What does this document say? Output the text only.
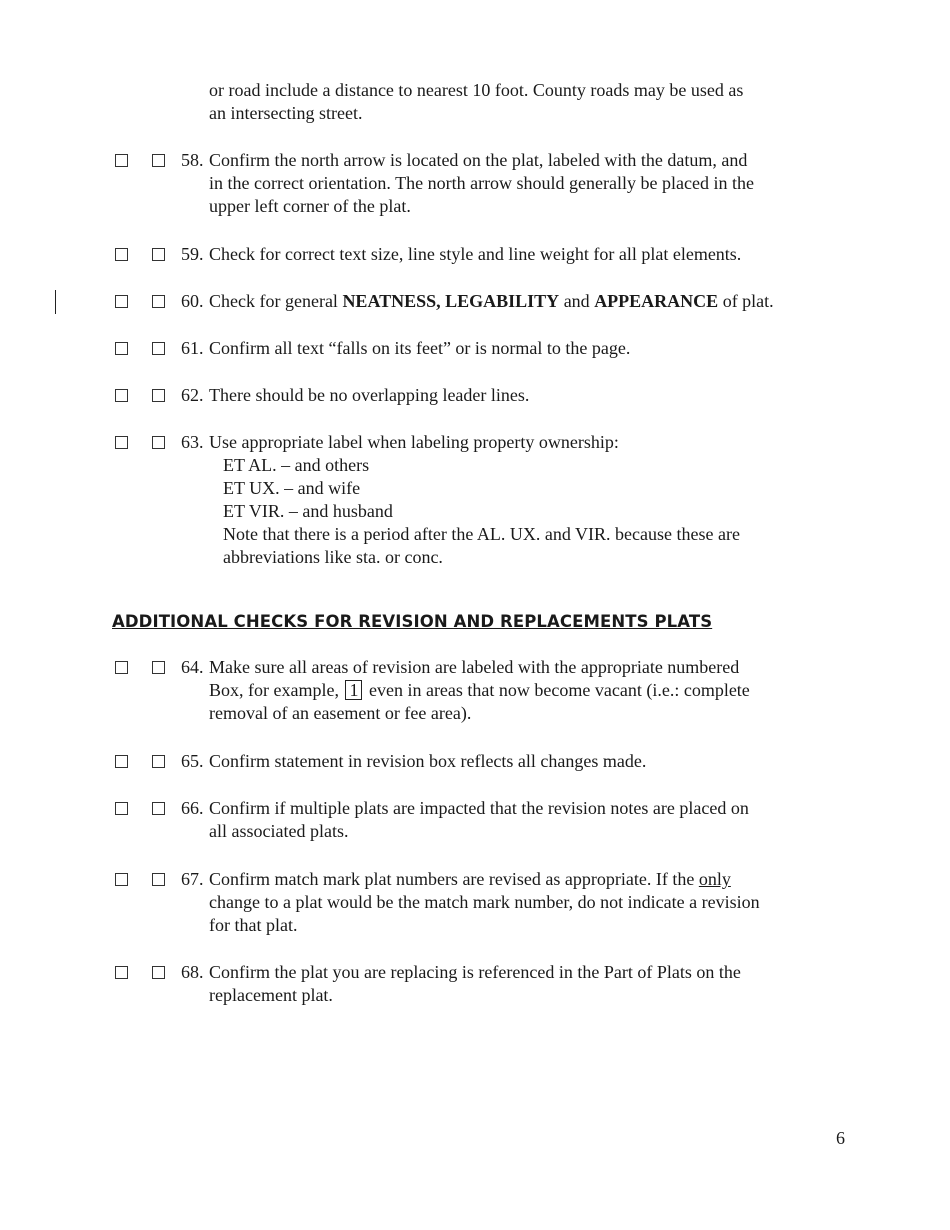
or road include a distance to nearest 10 foot. County roads may be used as
an intersecting street.
58. Confirm the north arrow is located on the plat, labeled with the datum, and
in the correct orientation. The north arrow should generally be placed in the
upper left corner of the plat.
59. Check for correct text size, line style and line weight for all plat elements.
60. Check for general NEATNESS, LEGABILITY and APPEARANCE of plat.
61. Confirm all text “falls on its feet” or is normal to the page.
62. There should be no overlapping leader lines.
63. Use appropriate label when labeling property ownership:
ET AL. – and others
ET UX. – and wife
ET VIR. – and husband
Note that there is a period after the AL. UX. and VIR. because these are
abbreviations like sta. or conc.
ADDITIONAL CHECKS FOR REVISION AND REPLACEMENTS PLATS
64. Make sure all areas of revision are labeled with the appropriate numbered
Box, for example, 1 even in areas that now become vacant (i.e.: complete
removal of an easement or fee area).
65. Confirm statement in revision box reflects all changes made.
66. Confirm if multiple plats are impacted that the revision notes are placed on
all associated plats.
67. Confirm match mark plat numbers are revised as appropriate. If the only
change to a plat would be the match mark number, do not indicate a revision
for that plat.
68. Confirm the plat you are replacing is referenced in the Part of Plats on the
replacement plat.
6
